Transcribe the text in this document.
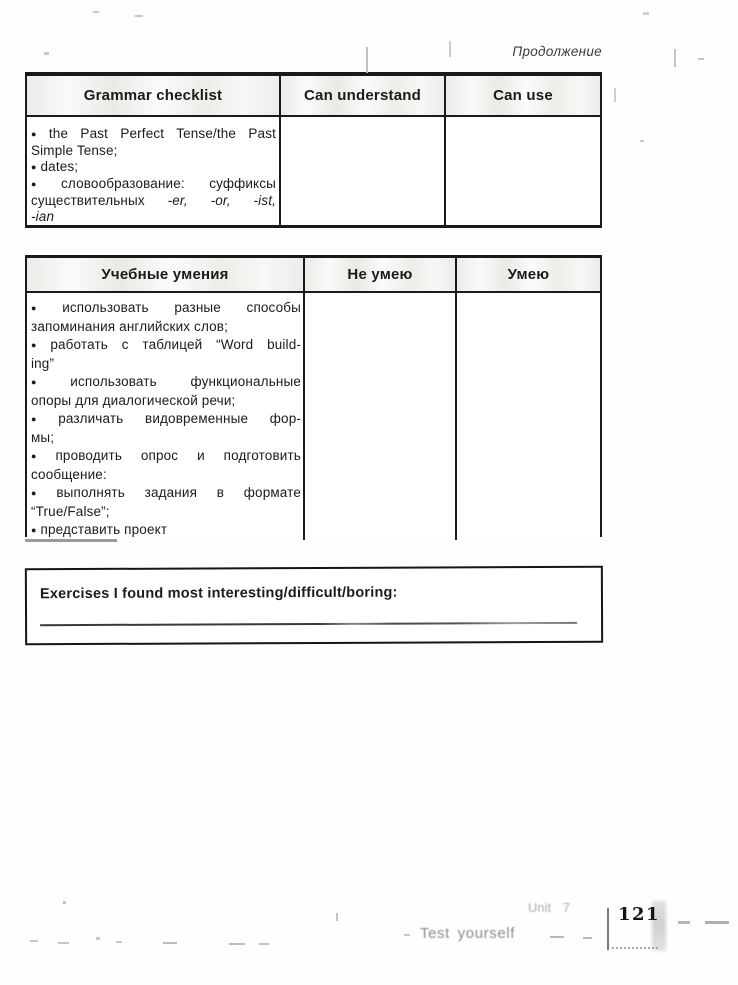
Продолжение
Grammar checklist	Can understand	Can use
● the Past Perfect Tense/the Past
Simple Tense;
● dates;
● словообразование: суффиксы
существительных -er, -or, -ist,
-ian
Учебные умения	Не умею	Умею
● использовать разные способы
запоминания английских слов;
● работать с таблицей “Word build-
ing”
● использовать функциональные
опоры для диалогической речи;
● различать видовременные фор-
мы;
● проводить опрос и подготовить
сообщение:
● выполнять задания в формате
“True/False”;
● представить проект
Exercises I found most interesting/difficult/boring:
Unit 7
Test yourself
121
